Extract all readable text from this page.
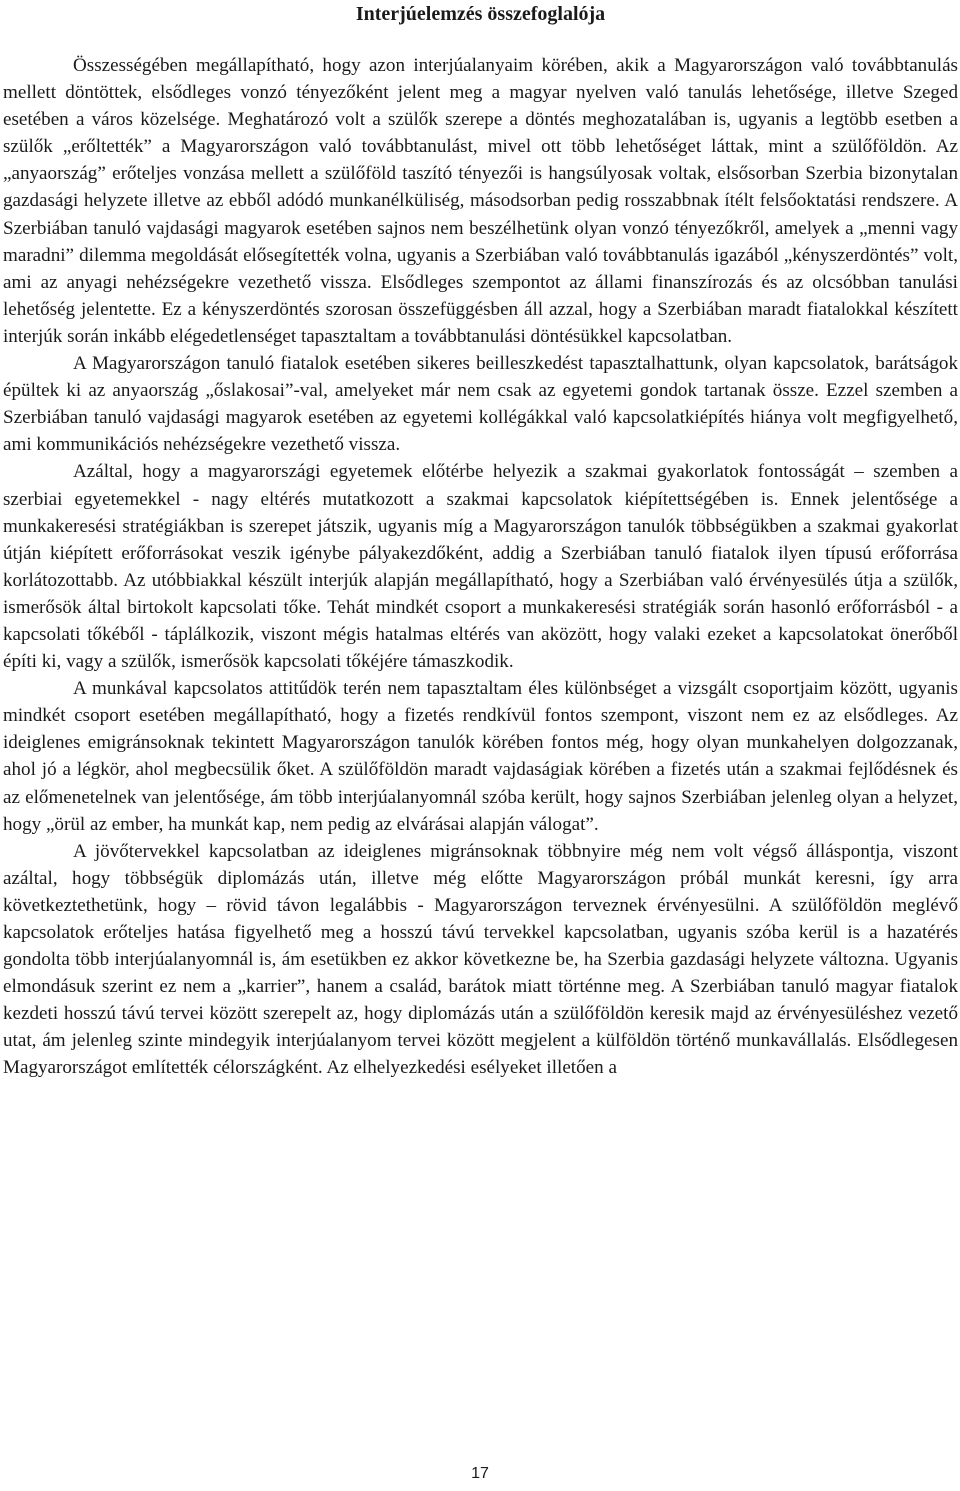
Interjúelemzés összefoglalója

Összességében megállapítható, hogy azon interjúalanyaim körében, akik a Magyarországon való továbbtanulás mellett döntöttek, elsődleges vonzó tényezőként jelent meg a magyar nyelven való tanulás lehetősége, illetve Szeged esetében a város közelsége. Meghatározó volt a szülők szerepe a döntés meghozatalában is, ugyanis a legtöbb esetben a szülők „erőltették” a Magyarországon való továbbtanulást, mivel ott több lehetőséget láttak, mint a szülőföldön. Az „anyaország” erőteljes vonzása mellett a szülőföld taszító tényezői is hangsúlyosak voltak, elsősorban Szerbia bizonytalan gazdasági helyzete illetve az ebből adódó munkanélküliség, másodsorban pedig rosszabbnak ítélt felsőoktatási rendszere. A Szerbiában tanuló vajdasági magyarok esetében sajnos nem beszélhetünk olyan vonzó tényezőkről, amelyek a „menni vagy maradni” dilemma megoldását elősegítették volna, ugyanis a Szerbiában való továbbtanulás igazából „kényszerdöntés” volt, ami az anyagi nehézségekre vezethető vissza. Elsődleges szempontot az állami finanszírozás és az olcsóbban tanulási lehetőség jelentette. Ez a kényszerdöntés szorosan összefüggésben áll azzal, hogy a Szerbiában maradt fiatalokkal készített interjúk során inkább elégedetlenséget tapasztaltam a továbbtanulási döntésükkel kapcsolatban.

A Magyarországon tanuló fiatalok esetében sikeres beilleszkedést tapasztalhattunk, olyan kapcsolatok, barátságok épültek ki az anyaország „őslakosai”-val, amelyeket már nem csak az egyetemi gondok tartanak össze. Ezzel szemben a Szerbiában tanuló vajdasági magyarok esetében az egyetemi kollégákkal való kapcsolatkiépítés hiánya volt megfigyelhető, ami kommunikációs nehézségekre vezethető vissza.

Azáltal, hogy a magyarországi egyetemek előtérbe helyezik a szakmai gyakorlatok fontosságát – szemben a szerbiai egyetemekkel - nagy eltérés mutatkozott a szakmai kapcsolatok kiépítettségében is. Ennek jelentősége a munkakeresési stratégiákban is szerepet játszik, ugyanis míg a Magyarországon tanulók többségükben a szakmai gyakorlat útján kiépített erőforrásokat veszik igénybe pályakezdőként, addig a Szerbiában tanuló fiatalok ilyen típusú erőforrása korlátozottabb. Az utóbbiakkal készült interjúk alapján megállapítható, hogy a Szerbiában való érvényesülés útja a szülők, ismerősök által birtokolt kapcsolati tőke. Tehát mindkét csoport a munkakeresési stratégiák során hasonló erőforrásból - a kapcsolati tőkéből - táplálkozik, viszont mégis hatalmas eltérés van aközött, hogy valaki ezeket a kapcsolatokat önerőből építi ki, vagy a szülők, ismerősök kapcsolati tőkéjére támaszkodik.

A munkával kapcsolatos attitűdök terén nem tapasztaltam éles különbséget a vizsgált csoportjaim között, ugyanis mindkét csoport esetében megállapítható, hogy a fizetés rendkívül fontos szempont, viszont nem ez az elsődleges. Az ideiglenes emigránsoknak tekintett Magyarországon tanulók körében fontos még, hogy olyan munkahelyen dolgozzanak, ahol jó a légkör, ahol megbecsülik őket. A szülőföldön maradt vajdaságiak körében a fizetés után a szakmai fejlődésnek és az előmenetelnek van jelentősége, ám több interjúalanyomnál szóba került, hogy sajnos Szerbiában jelenleg olyan a helyzet, hogy „örül az ember, ha munkát kap, nem pedig az elvárásai alapján válogat”.

A jövőtervekkel kapcsolatban az ideiglenes migránsoknak többnyire még nem volt végső álláspontja, viszont azáltal, hogy többségük diplomázás után, illetve még előtte Magyarországon próbál munkát keresni, így arra következtethetünk, hogy – rövid távon legalábbis - Magyarországon terveznek érvényesülni. A szülőföldön meglévő kapcsolatok erőteljes hatása figyelhető meg a hosszú távú tervekkel kapcsolatban, ugyanis szóba kerül is a hazatérés gondolta több interjúalanyomnál is, ám esetükben ez akkor következne be, ha Szerbia gazdasági helyzete változna. Ugyanis elmondásuk szerint ez nem a „karrier”, hanem a család, barátok miatt történne meg. A Szerbiában tanuló magyar fiatalok kezdeti hosszú távú tervei között szerepelt az, hogy diplomázás után a szülőföldön keresik majd az érvényesüléshez vezető utat, ám jelenleg szinte mindegyik interjúalanyom tervei között megjelent a külföldön történő munkavállalás. Elsődlegesen Magyarországot említették célországként. Az elhelyezkedési esélyeket illetően a

17
